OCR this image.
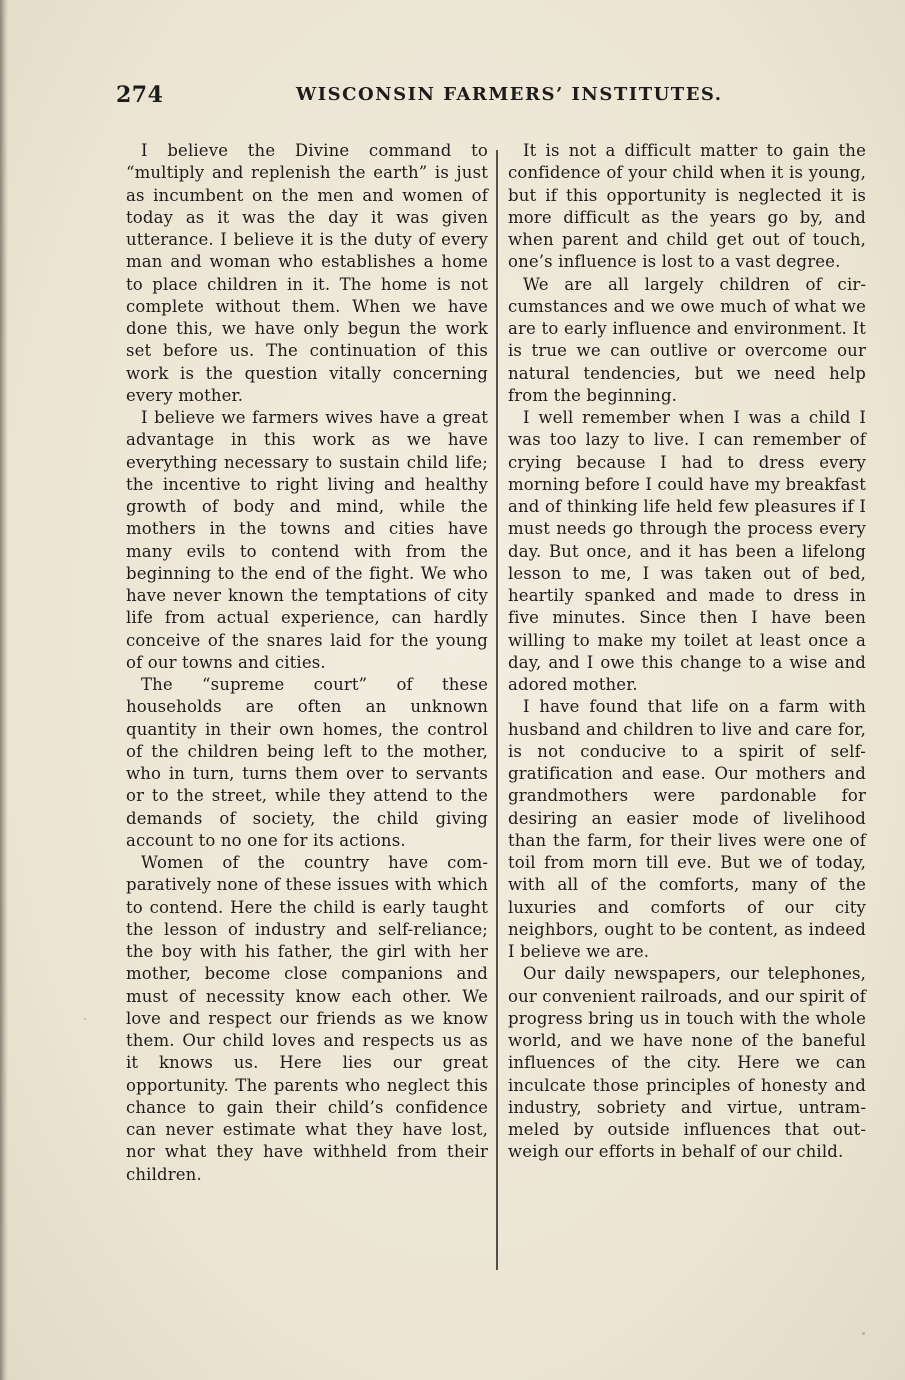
274	WISCONSIN FARMERS’ INSTITUTES.

I believe the Divine command to “multiply and replenish the earth” is just as incumbent on the men and women of today as it was the day it was given utterance. I believe it is the duty of every man and woman who establishes a home to place children in it. The home is not complete without them. When we have done this, we have only begun the work set before us. The continuation of this work is the question vitally concerning every mother.

I believe we farmers wives have a great advantage in this work as we have everything necessary to sustain child life; the incentive to right living and healthy growth of body and mind, while the mothers in the towns and cities have many evils to contend with from the beginning to the end of the fight. We who have never known the temptations of city life from actual experience, can hardly conceive of the snares laid for the young of our towns and cities.

The “supreme court” of these households are often an unknown quantity in their own homes, the control of the children being left to the mother, who in turn, turns them over to servants or to the street, while they attend to the demands of society, the child giving account to no one for its actions.

Women of the country have comparatively none of these issues with which to contend. Here the child is early taught the lesson of industry and self-reliance; the boy with his father, the girl with her mother, become close companions and must of necessity know each other. We love and respect our friends as we know them. Our child loves and respects us as it knows us. Here lies our great opportunity. The parents who neglect this chance to gain their child’s confidence can never estimate what they have lost, nor what they have withheld from their children.

It is not a difficult matter to gain the confidence of your child when it is young, but if this opportunity is neglected it is more difficult as the years go by, and when parent and child get out of touch, one’s influence is lost to a vast degree.

We are all largely children of circumstances and we owe much of what we are to early influence and environment. It is true we can outlive or overcome our natural tendencies, but we need help from the beginning.

I well remember when I was a child I was too lazy to live. I can remember of crying because I had to dress every morning before I could have my breakfast and of thinking life held few pleasures if I must needs go through the process every day. But once, and it has been a lifelong lesson to me, I was taken out of bed, heartily spanked and made to dress in five minutes. Since then I have been willing to make my toilet at least once a day, and I owe this change to a wise and adored mother.

I have found that life on a farm with husband and children to live and care for, is not conducive to a spirit of self-gratification and ease. Our mothers and grandmothers were pardonable for desiring an easier mode of livelihood than the farm, for their lives were one of toil from morn till eve. But we of today, with all of the comforts, many of the luxuries and comforts of our city neighbors, ought to be content, as indeed I believe we are.

Our daily newspapers, our telephones, our convenient railroads, and our spirit of progress bring us in touch with the whole world, and we have none of the baneful influences of the city. Here we can inculcate those principles of honesty and industry, sobriety and virtue, untrammeled by outside influences that outweigh our efforts in behalf of our child.
